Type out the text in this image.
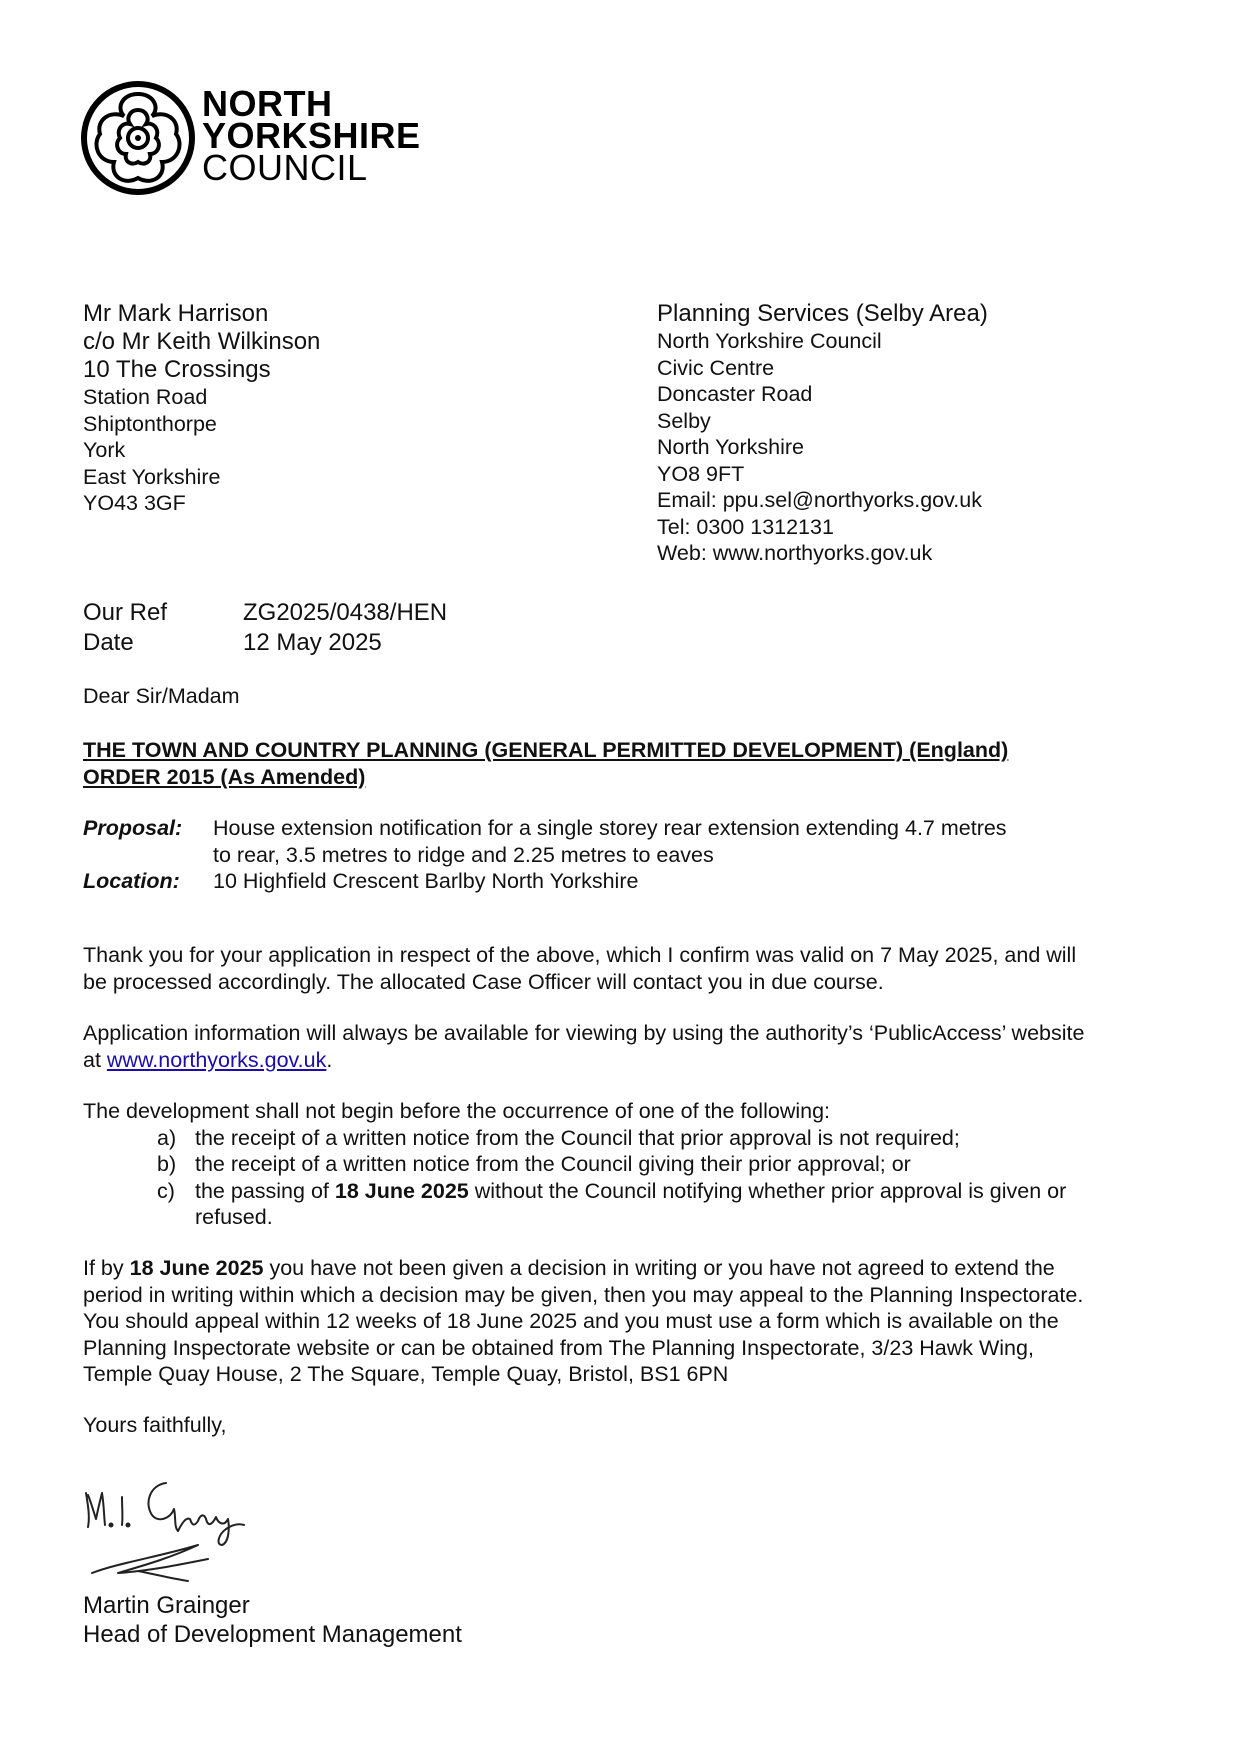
NORTH
YORKSHIRE
COUNCIL
Mr Mark Harrison
c/o Mr Keith Wilkinson
10 The Crossings
Station Road
Shiptonthorpe
York
East Yorkshire
YO43 3GF
Planning Services (Selby Area)
North Yorkshire Council
Civic Centre
Doncaster Road
Selby
North Yorkshire
YO8 9FT
Email: ppu.sel@northyorks.gov.uk
Tel: 0300 1312131
Web: www.northyorks.gov.uk
Our Ref	ZG2025/0438/HEN
Date	12 May 2025
Dear Sir/Madam
THE TOWN AND COUNTRY PLANNING (GENERAL PERMITTED DEVELOPMENT) (England)
ORDER 2015 (As Amended)
Proposal:	House extension notification for a single storey rear extension extending 4.7 metres
to rear, 3.5 metres to ridge and 2.25 metres to eaves
Location:	10 Highfield Crescent Barlby North Yorkshire
Thank you for your application in respect of the above, which I confirm was valid on 7 May 2025, and will
be processed accordingly. The allocated Case Officer will contact you in due course.
Application information will always be available for viewing by using the authority’s ‘PublicAccess’ website
at www.northyorks.gov.uk.
The development shall not begin before the occurrence of one of the following:
a) the receipt of a written notice from the Council that prior approval is not required;
b) the receipt of a written notice from the Council giving their prior approval; or
c) the passing of 18 June 2025 without the Council notifying whether prior approval is given or
refused.
If by 18 June 2025 you have not been given a decision in writing or you have not agreed to extend the
period in writing within which a decision may be given, then you may appeal to the Planning Inspectorate.
You should appeal within 12 weeks of 18 June 2025 and you must use a form which is available on the
Planning Inspectorate website or can be obtained from The Planning Inspectorate, 3/23 Hawk Wing,
Temple Quay House, 2 The Square, Temple Quay, Bristol, BS1 6PN
Yours faithfully,
Martin Grainger
Head of Development Management
